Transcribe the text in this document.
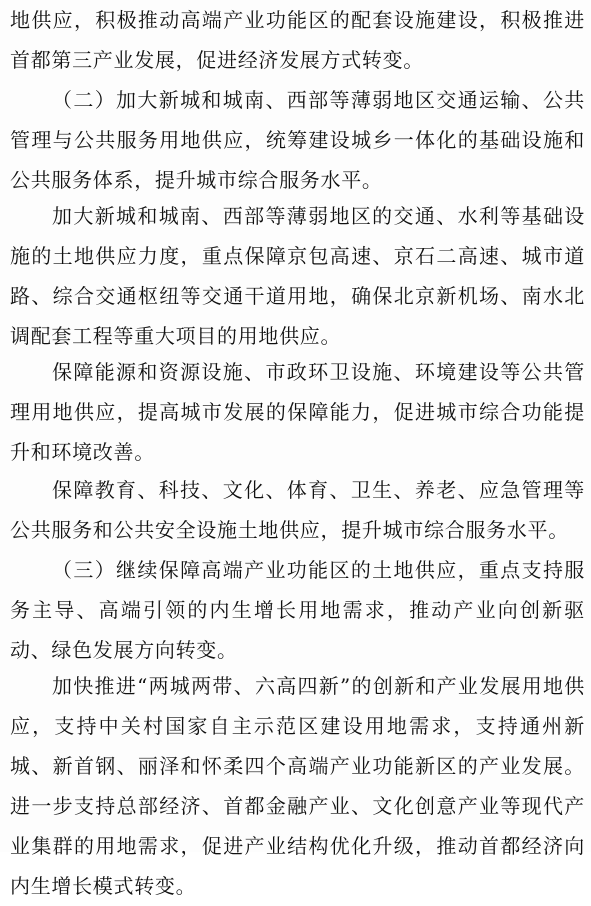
地供应，积极推动高端产业功能区的配套设施建设，积极推进首都第三产业发展，促进经济发展方式转变。

（二）加大新城和城南、西部等薄弱地区交通运输、公共管理与公共服务用地供应，统筹建设城乡一体化的基础设施和公共服务体系，提升城市综合服务水平。

加大新城和城南、西部等薄弱地区的交通、水利等基础设施的土地供应力度，重点保障京包高速、京石二高速、城市道路、综合交通枢纽等交通干道用地，确保北京新机场、南水北调配套工程等重大项目的用地供应。

保障能源和资源设施、市政环卫设施、环境建设等公共管理用地供应，提高城市发展的保障能力，促进城市综合功能提升和环境改善。

保障教育、科技、文化、体育、卫生、养老、应急管理等公共服务和公共安全设施土地供应，提升城市综合服务水平。

（三）继续保障高端产业功能区的土地供应，重点支持服务主导、高端引领的内生增长用地需求，推动产业向创新驱动、绿色发展方向转变。

加快推进“两城两带、六高四新”的创新和产业发展用地供应，支持中关村国家自主示范区建设用地需求，支持通州新城、新首钢、丽泽和怀柔四个高端产业功能新区的产业发展。进一步支持总部经济、首都金融产业、文化创意产业等现代产业集群的用地需求，促进产业结构优化升级，推动首都经济向内生增长模式转变。
